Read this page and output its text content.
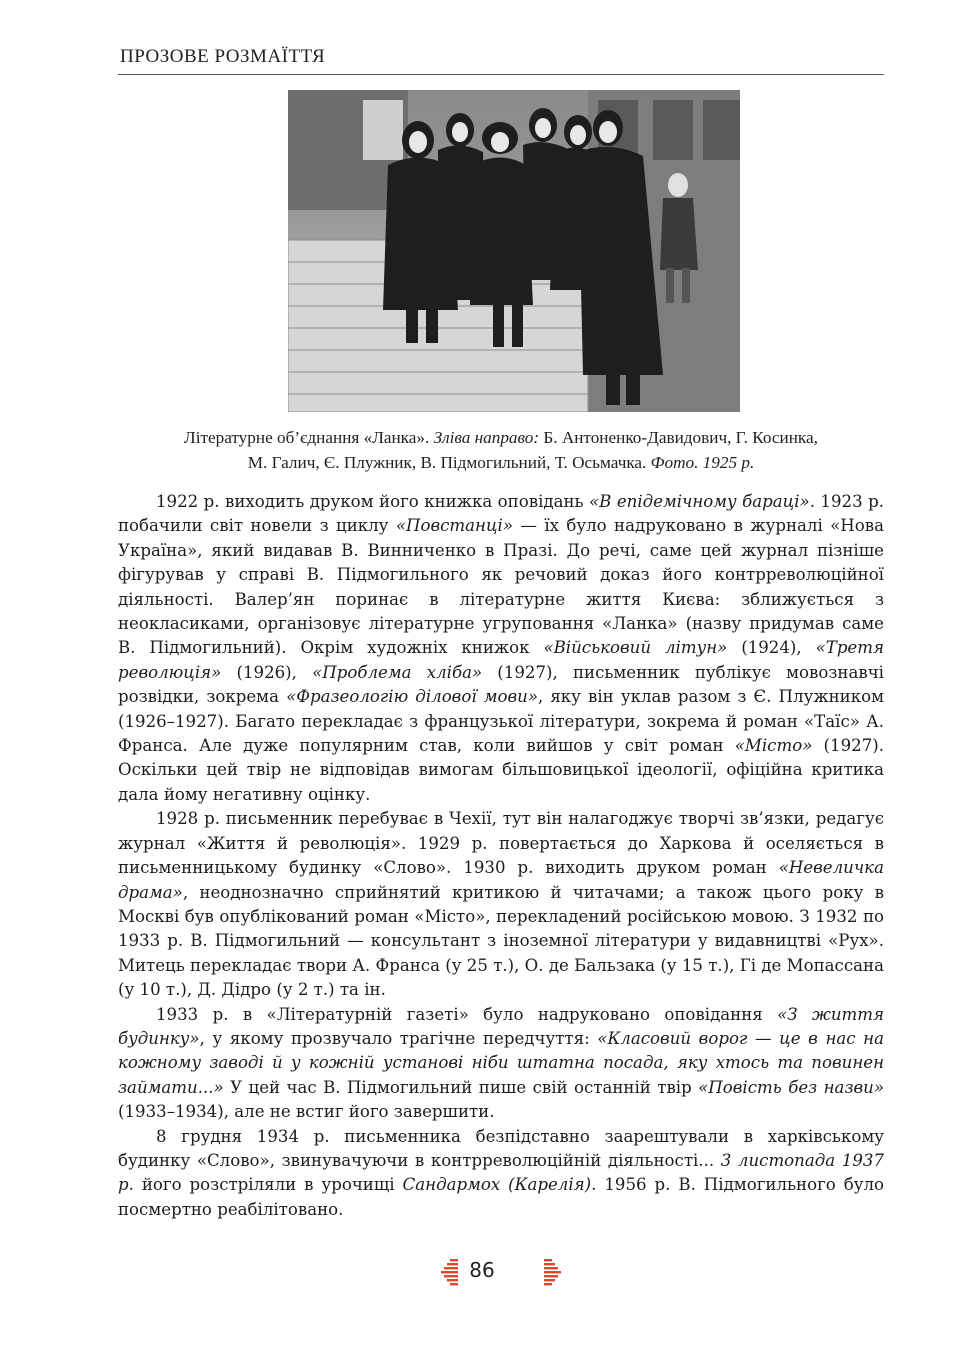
ПРОЗОВЕ РОЗМАЇТТЯ
Літературне об’єднання «Ланка». Зліва направо: Б. Антоненко-Давидович, Г. Косинка,
М. Галич, Є. Плужник, В. Підмогильний, Т. Осьмачка. Фото. 1925 р.

1922 р. виходить друком його книжка оповідань «В епідемічному бараці». 1923 р. побачили світ новели з циклу «Повстанці» — їх було надруковано в журналі «Нова Україна», який видавав В. Винниченко в Празі. До речі, саме цей журнал пізніше фігурував у справі В. Підмогильного як речовий доказ його контрреволюційної діяльності. Валер’ян поринає в літературне життя Києва: зближується з неокласиками, організовує літературне угруповання «Ланка» (назву придумав саме В. Підмогильний). Окрім художніх книжок «Військовий літун» (1924), «Третя революція» (1926), «Проблема хліба» (1927), письменник публікує мовознавчі розвідки, зокрема «Фразеологію ділової мови», яку він уклав разом з Є. Плужником (1926–1927). Багато перекладає з французької літератури, зокрема й роман «Таїс» А. Франса. Але дуже популярним став, коли вийшов у світ роман «Місто» (1927). Оскільки цей твір не відповідав вимогам більшовицької ідеології, офіційна критика дала йому негативну оцінку.

1928 р. письменник перебуває в Чехії, тут він налагоджує творчі зв’язки, редагує журнал «Життя й революція». 1929 р. повертається до Харкова й оселяється в письменницькому будинку «Слово». 1930 р. виходить друком роман «Невеличка драма», неоднозначно сприйнятий критикою й читачами; а також цього року в Москві був опублікований роман «Місто», перекладений російською мовою. З 1932 по 1933 р. В. Підмогильний — консультант з іноземної літератури у видавництві «Рух». Митець перекладає твори А. Франса (у 25 т.), О. де Бальзака (у 15 т.), Гі де Мопассана (у 10 т.), Д. Дідро (у 2 т.) та ін.

1933 р. в «Літературній газеті» було надруковано оповідання «З життя будинку», у якому прозвучало трагічне передчуття: «Класовий ворог — це в нас на кожному заводі й у кожній установі ніби штатна посада, яку хтось та повинен займати...» У цей час В. Підмогильний пише свій останній твір «Повість без назви» (1933–1934), але не встиг його завершити.

8 грудня 1934 р. письменника безпідставно заарештували в харківському будинку «Слово», звинувачуючи в контрреволюційній діяльності... 3 листопада 1937 р. його розстріляли в урочищі Сандармох (Карелія). 1956 р. В. Підмогильного було посмертно реабілітовано.

86
